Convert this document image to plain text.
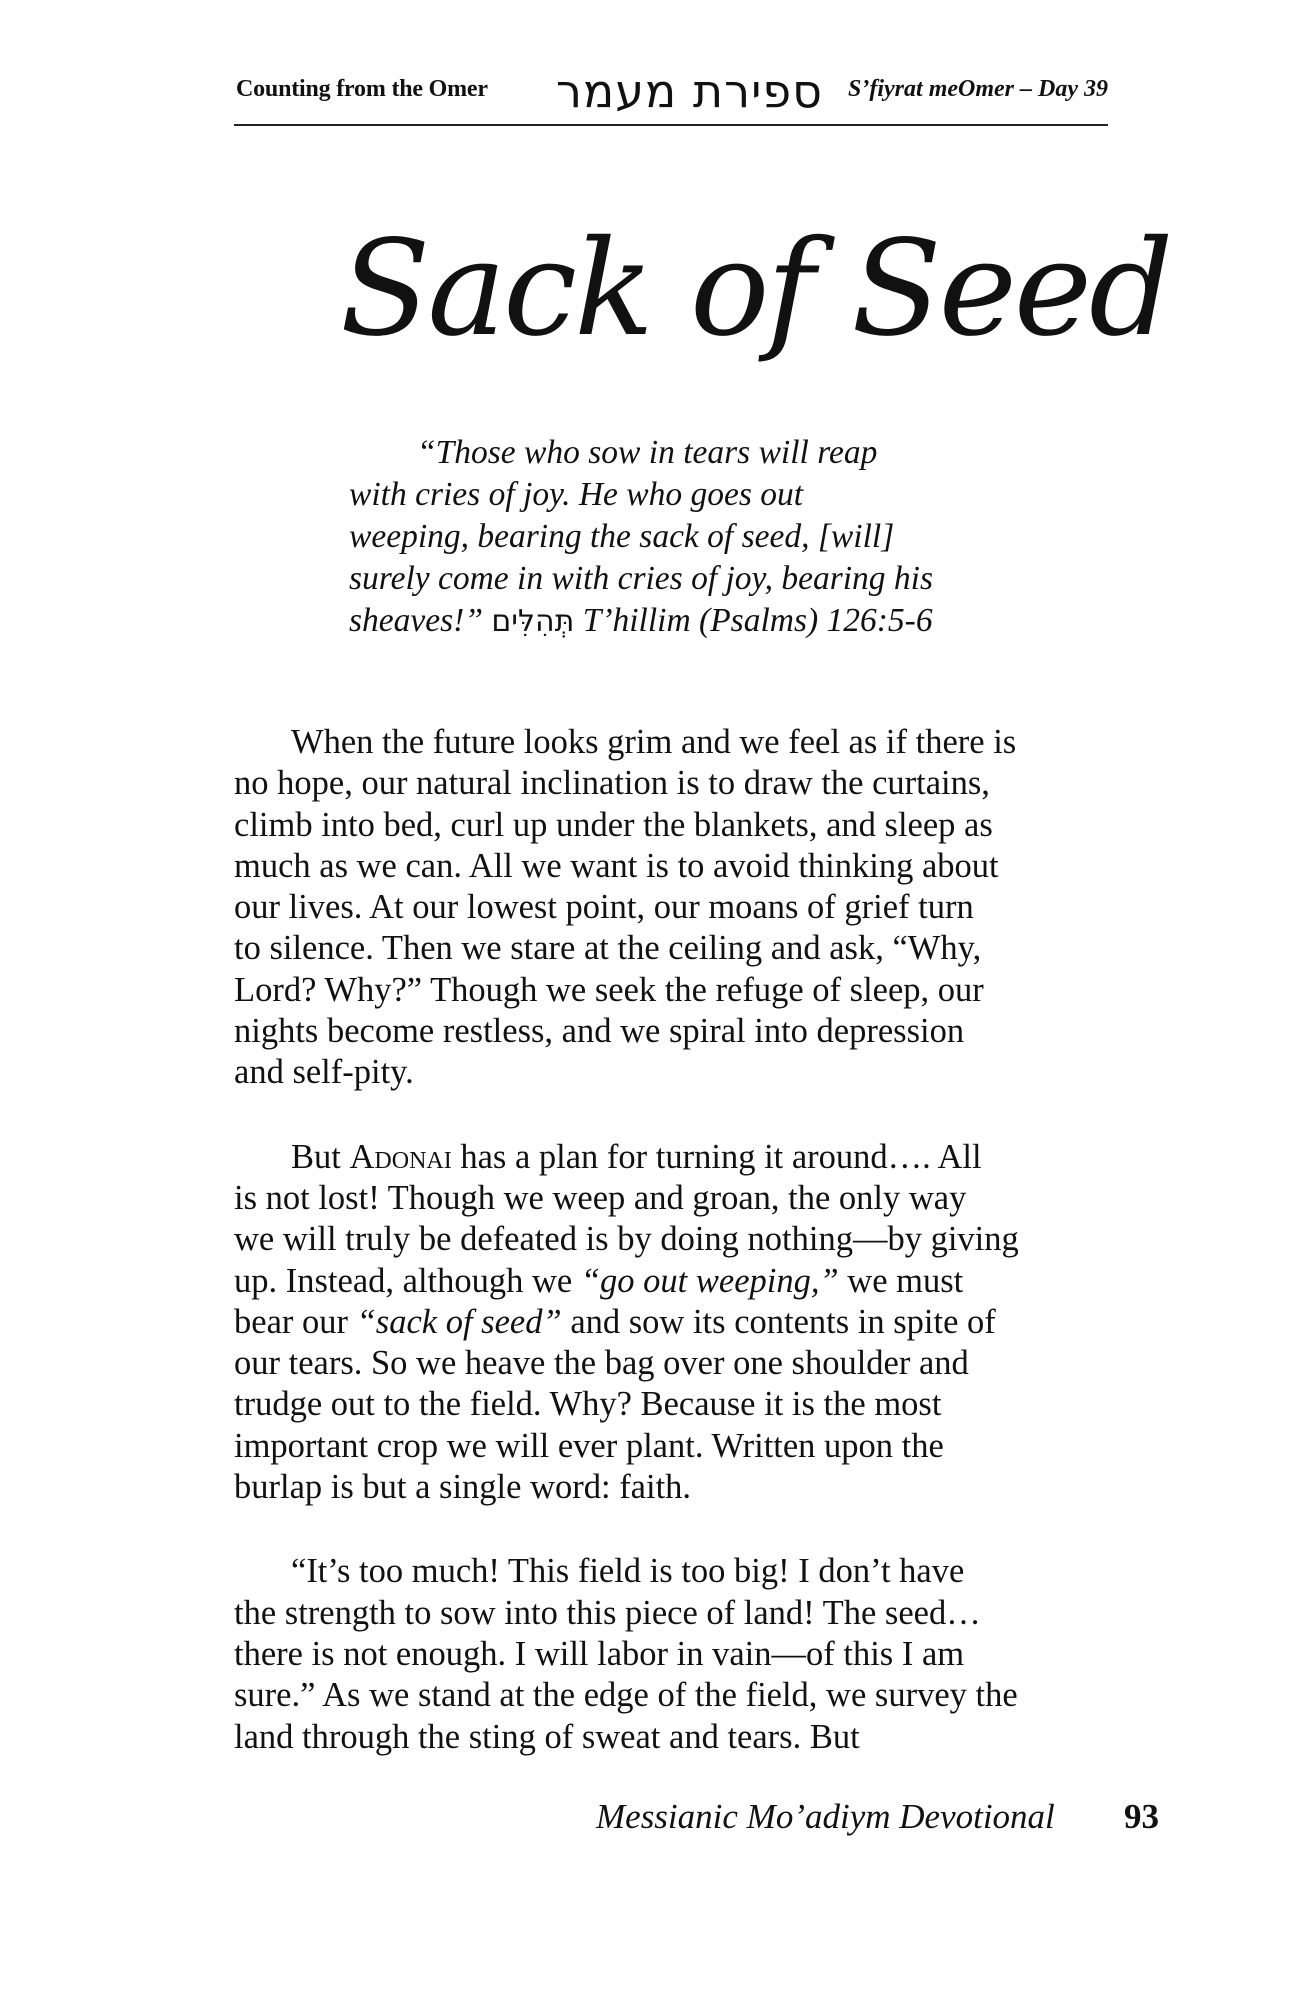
Counting from the Omer ספירת מעמר S’fiyrat meOmer – Day 39
Sack of Seed
“Those who sow in tears will reap
with cries of joy. He who goes out
weeping, bearing the sack of seed, [will]
surely come in with cries of joy, bearing his
sheaves!” תְּהִלִּים T’hillim (Psalms) 126:5-6

When the future looks grim and we feel as if there is
no hope, our natural inclination is to draw the curtains,
climb into bed, curl up under the blankets, and sleep as
much as we can. All we want is to avoid thinking about
our lives. At our lowest point, our moans of grief turn
to silence. Then we stare at the ceiling and ask, “Why,
Lord? Why?” Though we seek the refuge of sleep, our
nights become restless, and we spiral into depression
and self-pity.

But Adonai has a plan for turning it around…. All
is not lost! Though we weep and groan, the only way
we will truly be defeated is by doing nothing—by giving
up. Instead, although we “go out weeping,” we must
bear our “sack of seed” and sow its contents in spite of
our tears. So we heave the bag over one shoulder and
trudge out to the field. Why? Because it is the most
important crop we will ever plant. Written upon the
burlap is but a single word: faith.

“It’s too much! This field is too big! I don’t have
the strength to sow into this piece of land! The seed…
there is not enough. I will labor in vain—of this I am
sure.” As we stand at the edge of the field, we survey the
land through the sting of sweat and tears. But

Messianic Mo’adiym Devotional 93
